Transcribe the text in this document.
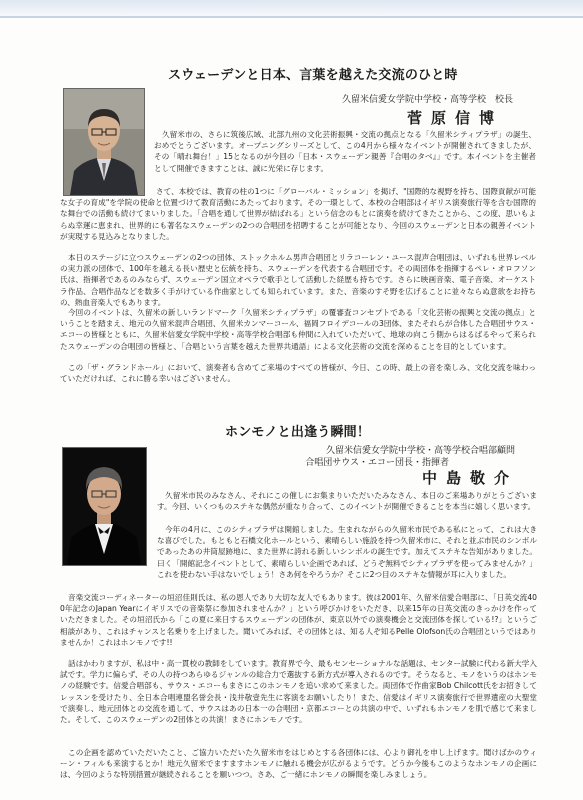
スウェーデンと日本、言葉を越えた交流のひと時
久留米信愛女学院中学校・高等学校　校長
菅原信博

久留米市の、さらに筑後広域、北部九州の文化芸術振興・交流の拠点となる「久留米シティプラザ」の誕生、おめでとうございます。オープニングシリーズとして、この4月から様々なイベントが開催されてきましたが、その「晴れ舞台！」15となるのが今回の「日本・スウェーデン親善『合唱のタベ』」です。本イベントを主催者として開催できますことは、誠に光栄に存じます。

さて、本校では、教育の柱の1つに「グローバル・ミッション」を掲げ、"国際的な視野を持ち、国際貢献が可能な女子の育成"を学院の使命と位置づけて教育活動にあたっております。その一環として、本校の合唱部はイギリス演奏旅行等を含む国際的な舞台での活動も続けてまいりました。「合唱を通して世界が結ばれる」という信念のもとに演奏を続けてきたことから、この度、思いもよらぬ幸運に恵まれ、世界的にも著名なスウェーデンの2つの合唱団を招聘することが可能となり、今回のスウェーデンと日本の親善イベントが実現する見込みとなりました。

本日のステージに立つスウェーデンの2つの団体、ストックホルム男声合唱団とリラコーレン・ユース混声合唱団は、いずれも世界レベルの実力派の団体で、100年を越える長い歴史と伝統を持ち、スウェーデンを代表する合唱団です。その両団体を指揮するペレ・オロフソン氏は、指揮者であるのみならず、スウェーデン国立オペラで歌手として活動した経歴も持ちです。さらに映画音楽、電子音楽、オーケストラ作品、合唱作品などを数多く手がけている作曲家としても知られています。また、音楽のすそ野を広げることに並々ならぬ意欲をお持ちの、熱血音楽人でもあります。

今回のイベントは、久留米の新しいランドマーク「久留米シティプラザ」の覆審査コンセプトである「文化芸術の振興と交流の拠点」ということを踏まえ、地元の久留米混声合唱団、久留米カンマーコール、福岡フロイデコールの3団体、またそれらが合体した合唱団サウス・エコーの皆様とともに、久留米信愛女学院中学校・高等学校合唱部も仲間に入れていただいて、地球の向こう側からはるばるやって来られたスウェーデンの合唱団の皆様と、「合唱という言葉を越えた世界共通語」による文化芸術の交流を深めることを目的としています。

この「ザ・グランドホール」において、演奏者も含めてご来場のすべての皆様が、今日、この時、最上の音を楽しみ、文化交流を味わっていただければ、これに勝る幸いはございません。

ホンモノと出逢う瞬間！
久留米信愛女学院中学校・高等学校合唱部顧問
合唱団サウス・エコー団長・指揮者
中島敬介

久留米市民のみなさん、それにこの催しにお集まりいただいたみなさん、本日のご来場ありがとうございます。今回、いくつものステキな偶然が重なり合って、このイベントが開催できることを本当に嬉しく思います。

今年の4月に、このシティプラザは開館しました。生まれながらの久留米市民である私にとって、これは大きな喜びでした。もともと石橋文化ホールという、素晴らしい施設を持つ久留米市に、それと並ぶ市民のシンボルであったあの井筒屋跡地に、また世界に誇れる新しいシンボルの誕生です。加えてステキな告知がありました。曰く「開館記念イベントとして、素晴らしい企画であれば、どうぞ無料でシティプラザを使ってみませんか？」これを使わない手はないでしょう！さあ何をやろうか？そこに2つ目のステキな情報が耳に入りました。

音楽交流コーディネーターの垣沼佳則氏は、私の恩人であり大切な友人でもあります。彼は2001年、久留米信愛合唱部に、「日英交流400年記念のJapan Yearにイギリスでの音楽祭に参加されませんか？」という呼びかけをいただき、以来15年の日英交流のきっかけを作っていただきました。その垣沼氏から「この夏に来日するスウェーデンの団体が、東京以外での演奏機会と交流団体を探している!?」というご相談があり、これはチャンスと名乗りを上げました。聞いてみれば、その団体とは、知る人ぞ知るPelle Olofson氏の合唱団というではありませんか！これはホンモノです!!

話はかわりますが、私は中・高一貫校の教師をしています。教育界で今、最もセンセーショナルな話題は、センター試験に代わる新大学入試です。学力に偏らず、その人の持つあらゆるジャンルの総合力で選抜する新方式が導入されるのです。そうなると、モノをいうのはホンモノの経験です。信愛合唱部も、サウス・エコーもまさにこのホンモノを追い求めて来ました。両団体で作曲家Bob Chilcott氏をお招きしてレッスンを受けたり、全日本合唱連盟名誉会長・浅井敬壹先生に客演をお願いしたり！また、信愛はイギリス演奏旅行で世界遺産の大聖堂で演奏し、地元団体との交流を通して、サウスはあの日本一の合唱団・京都エコーとの共演の中で、いずれもホンモノを肌で感じて来ました。そして、このスウェーデンの2団体との共演！まさにホンモノです。

この企画を認めていただいたこと、ご協力いただいた久留米市をはじめとする各団体には、心より御礼を申し上げます。聞けばかのウィーン・フィルも来演するとか！地元久留米でますますホンモノに触れる機会が広がるようです。どうか今後もこのようなホンモノの企画には、今回のような特別措置が継続されることを願いつつ。さあ、ご一緒にホンモノの瞬間を楽しみましょう。
